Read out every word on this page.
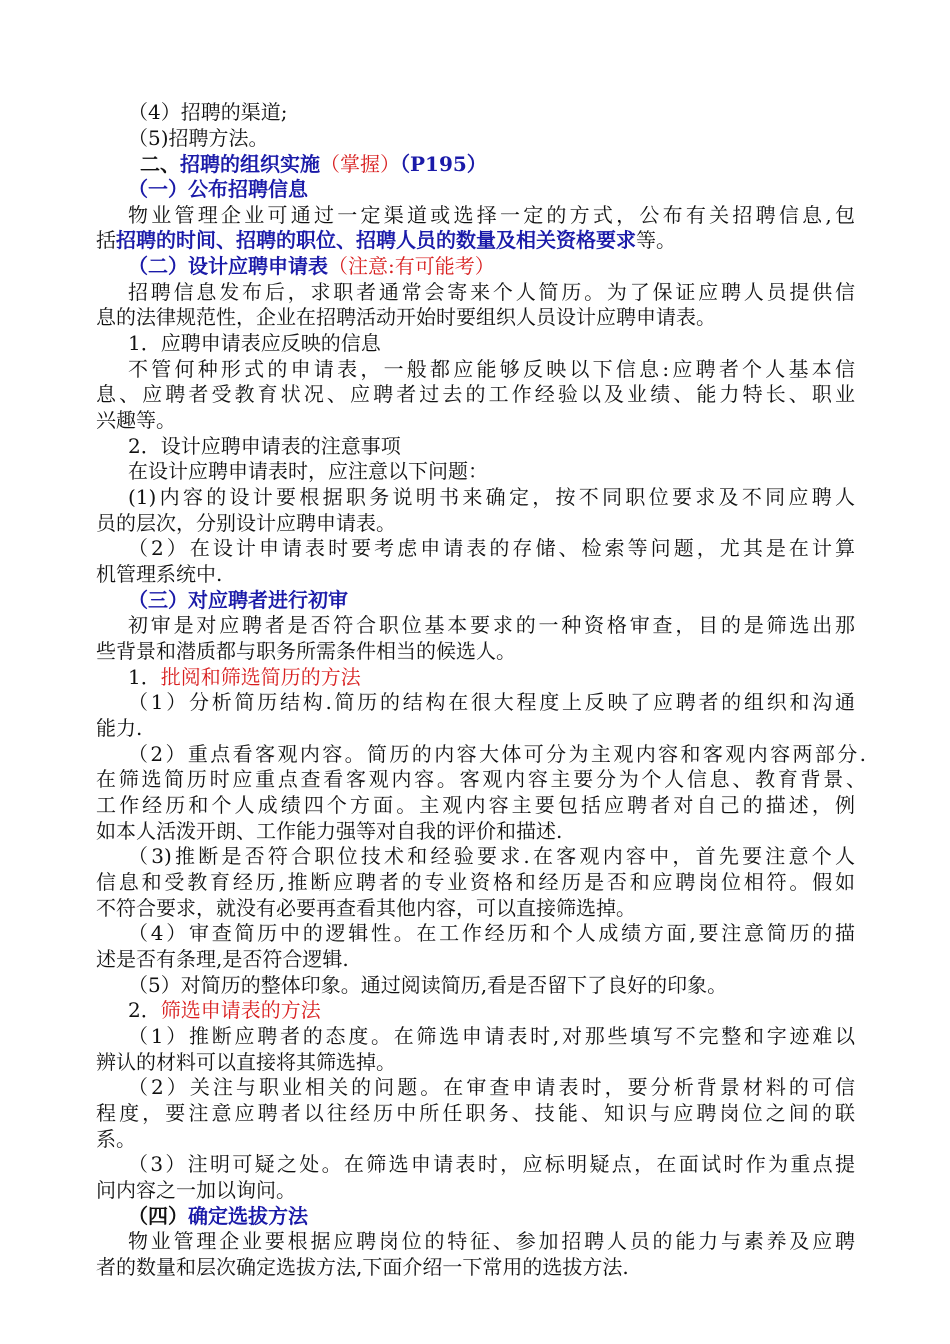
（4）招聘的渠道;
（5)招聘方法。
二、招聘的组织实施（掌握）（P195）
（一）公布招聘信息
物业管理企业可通过一定渠道或选择一定的方式，公布有关招聘信息,包
括招聘的时间、招聘的职位、招聘人员的数量及相关资格要求等。
（二）设计应聘申请表（注意:有可能考）
招聘信息发布后，求职者通常会寄来个人简历。为了保证应聘人员提供信
息的法律规范性，企业在招聘活动开始时要组织人员设计应聘申请表。
1．应聘申请表应反映的信息
不管何种形式的申请表，一般都应能够反映以下信息:应聘者个人基本信
息、应聘者受教育状况、应聘者过去的工作经验以及业绩、能力特长、职业
兴趣等。
2．设计应聘申请表的注意事项
在设计应聘申请表时，应注意以下问题：
(1)内容的设计要根据职务说明书来确定，按不同职位要求及不同应聘人
员的层次，分别设计应聘申请表。
（2）在设计申请表时要考虑申请表的存储、检索等问题，尤其是在计算
机管理系统中.
（三）对应聘者进行初审
初审是对应聘者是否符合职位基本要求的一种资格审查，目的是筛选出那
些背景和潜质都与职务所需条件相当的候选人。
1．批阅和筛选简历的方法
（1）分析简历结构.简历的结构在很大程度上反映了应聘者的组织和沟通
能力.
（2）重点看客观内容。简历的内容大体可分为主观内容和客观内容两部分.
在筛选简历时应重点查看客观内容。客观内容主要分为个人信息、教育背景、
工作经历和个人成绩四个方面。主观内容主要包括应聘者对自己的描述，例
如本人活泼开朗、工作能力强等对自我的评价和描述.
（3)推断是否符合职位技术和经验要求.在客观内容中，首先要注意个人
信息和受教育经历,推断应聘者的专业资格和经历是否和应聘岗位相符。假如
不符合要求，就没有必要再查看其他内容，可以直接筛选掉。
（4）审查简历中的逻辑性。在工作经历和个人成绩方面,要注意简历的描
述是否有条理,是否符合逻辑.
（5）对简历的整体印象。通过阅读简历,看是否留下了良好的印象。
2．筛选申请表的方法
（1）推断应聘者的态度。在筛选申请表时,对那些填写不完整和字迹难以
辨认的材料可以直接将其筛选掉。
（2）关注与职业相关的问题。在审查申请表时，要分析背景材料的可信
程度，要注意应聘者以往经历中所任职务、技能、知识与应聘岗位之间的联
系。
（3）注明可疑之处。在筛选申请表时，应标明疑点，在面试时作为重点提
问内容之一加以询问。
（四）确定选拔方法
物业管理企业要根据应聘岗位的特征、参加招聘人员的能力与素养及应聘
者的数量和层次确定选拔方法,下面介绍一下常用的选拔方法.
